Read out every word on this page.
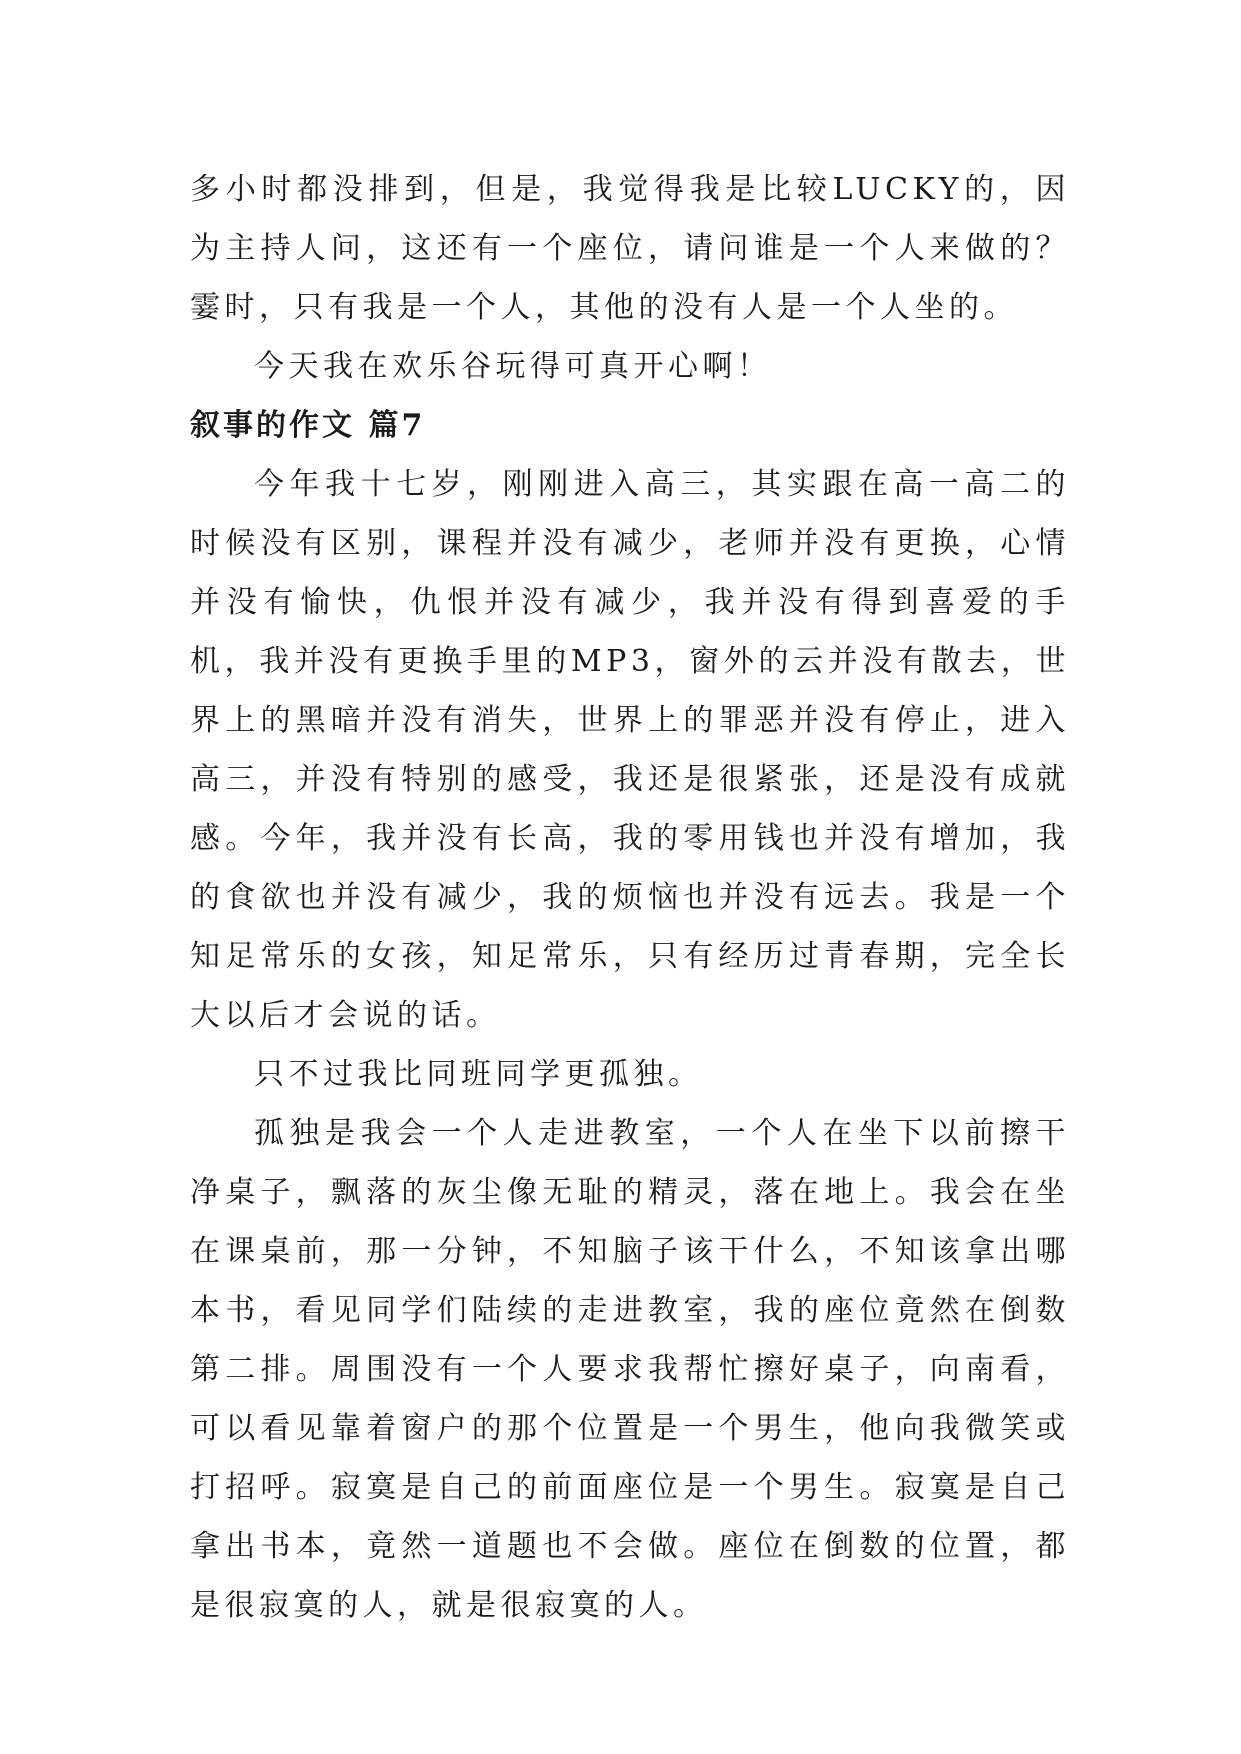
多小时都没排到，但是，我觉得我是比较LUCKY的，因为主持人问，这还有一个座位，请问谁是一个人来做的？霎时，只有我是一个人，其他的没有人是一个人坐的。

今天我在欢乐谷玩得可真开心啊！

叙事的作文 篇7

今年我十七岁，刚刚进入高三，其实跟在高一高二的时候没有区别，课程并没有减少，老师并没有更换，心情并没有愉快，仇恨并没有减少，我并没有得到喜爱的手机，我并没有更换手里的MP3，窗外的云并没有散去，世界上的黑暗并没有消失，世界上的罪恶并没有停止，进入高三，并没有特别的感受，我还是很紧张，还是没有成就感。今年，我并没有长高，我的零用钱也并没有增加，我的食欲也并没有减少，我的烦恼也并没有远去。我是一个知足常乐的女孩，知足常乐，只有经历过青春期，完全长大以后才会说的话。

只不过我比同班同学更孤独。

孤独是我会一个人走进教室，一个人在坐下以前擦干净桌子，飘落的灰尘像无耻的精灵，落在地上。我会在坐在课桌前，那一分钟，不知脑子该干什么，不知该拿出哪本书，看见同学们陆续的走进教室，我的座位竟然在倒数第二排。周围没有一个人要求我帮忙擦好桌子，向南看，可以看见靠着窗户的那个位置是一个男生，他向我微笑或打招呼。寂寞是自己的前面座位是一个男生。寂寞是自己拿出书本，竟然一道题也不会做。座位在倒数的位置，都是很寂寞的人，就是很寂寞的人。
